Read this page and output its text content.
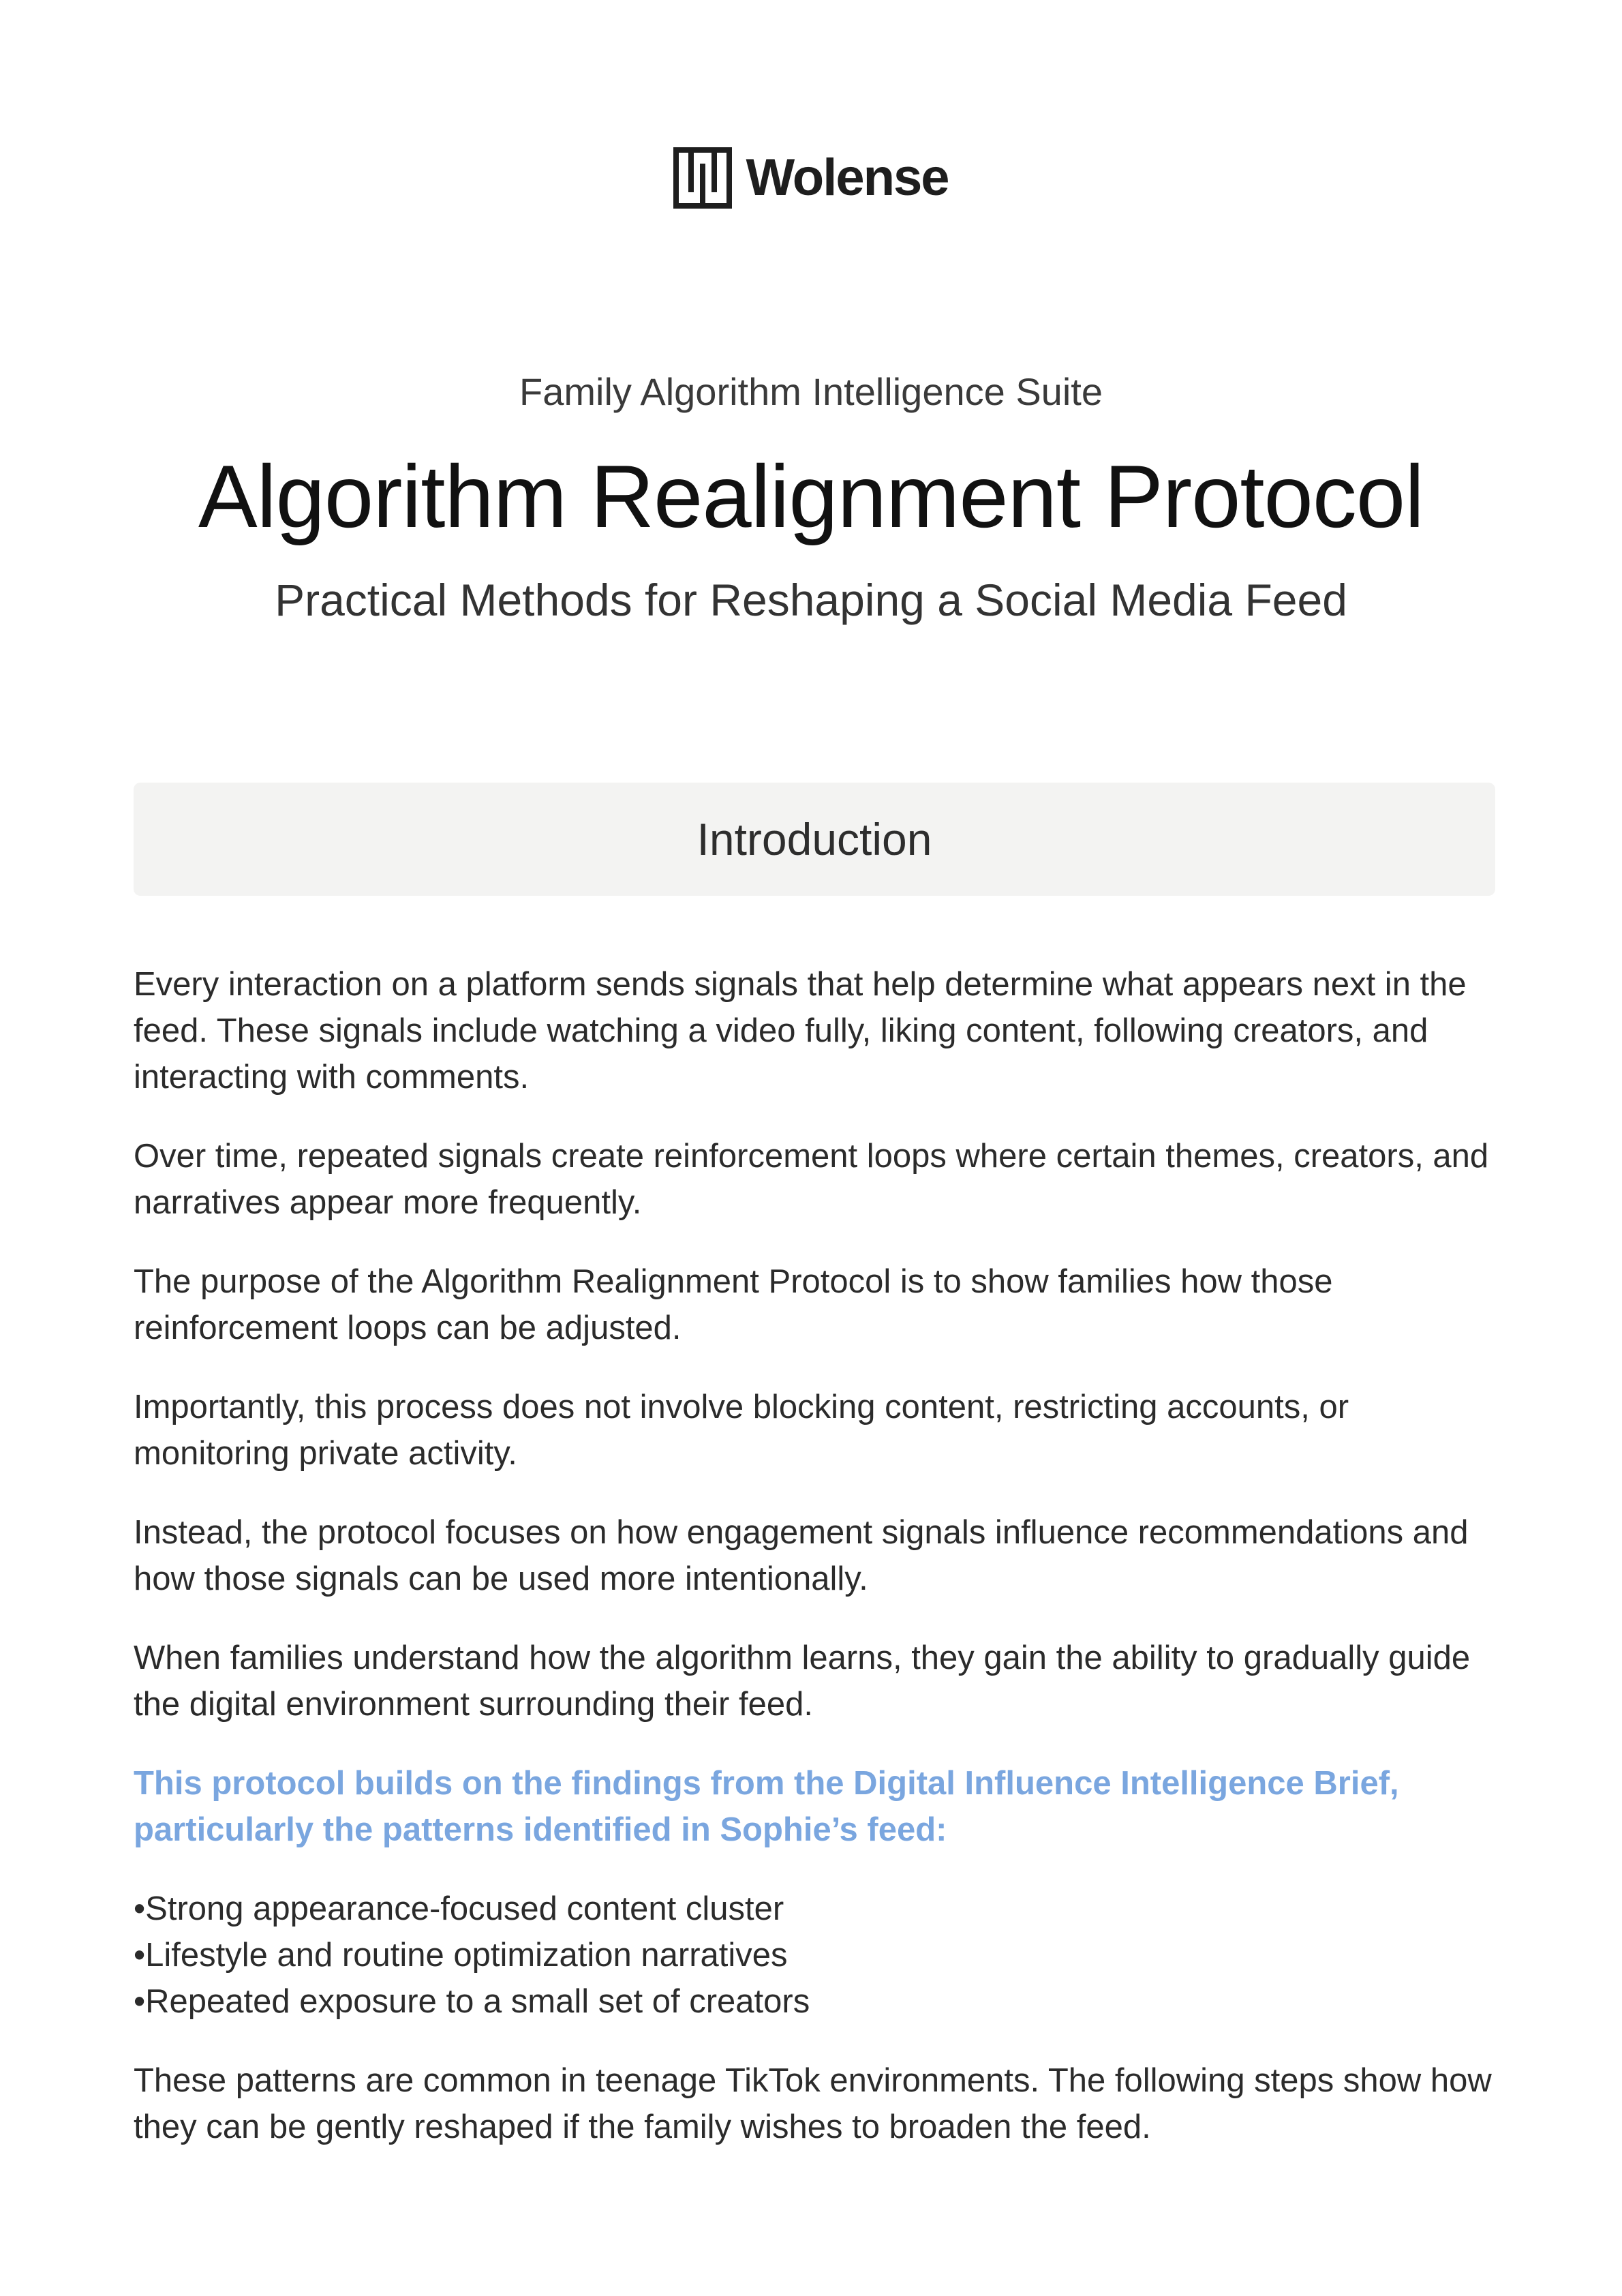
Wolense
Family Algorithm Intelligence Suite
Algorithm Realignment Protocol
Practical Methods for Reshaping a Social Media Feed
Introduction

Every interaction on a platform sends signals that help determine what appears next in the feed. These signals include watching a video fully, liking content, following creators, and interacting with comments.

Over time, repeated signals create reinforcement loops where certain themes, creators, and narratives appear more frequently.

The purpose of the Algorithm Realignment Protocol is to show families how those reinforcement loops can be adjusted.

Importantly, this process does not involve blocking content, restricting accounts, or monitoring private activity.

Instead, the protocol focuses on how engagement signals influence recommendations and how those signals can be used more intentionally.

When families understand how the algorithm learns, they gain the ability to gradually guide the digital environment surrounding their feed.

This protocol builds on the findings from the Digital Influence Intelligence Brief, particularly the patterns identified in Sophie’s feed:

• Strong appearance-focused content cluster
• Lifestyle and routine optimization narratives
• Repeated exposure to a small set of creators

These patterns are common in teenage TikTok environments. The following steps show how they can be gently reshaped if the family wishes to broaden the feed.
